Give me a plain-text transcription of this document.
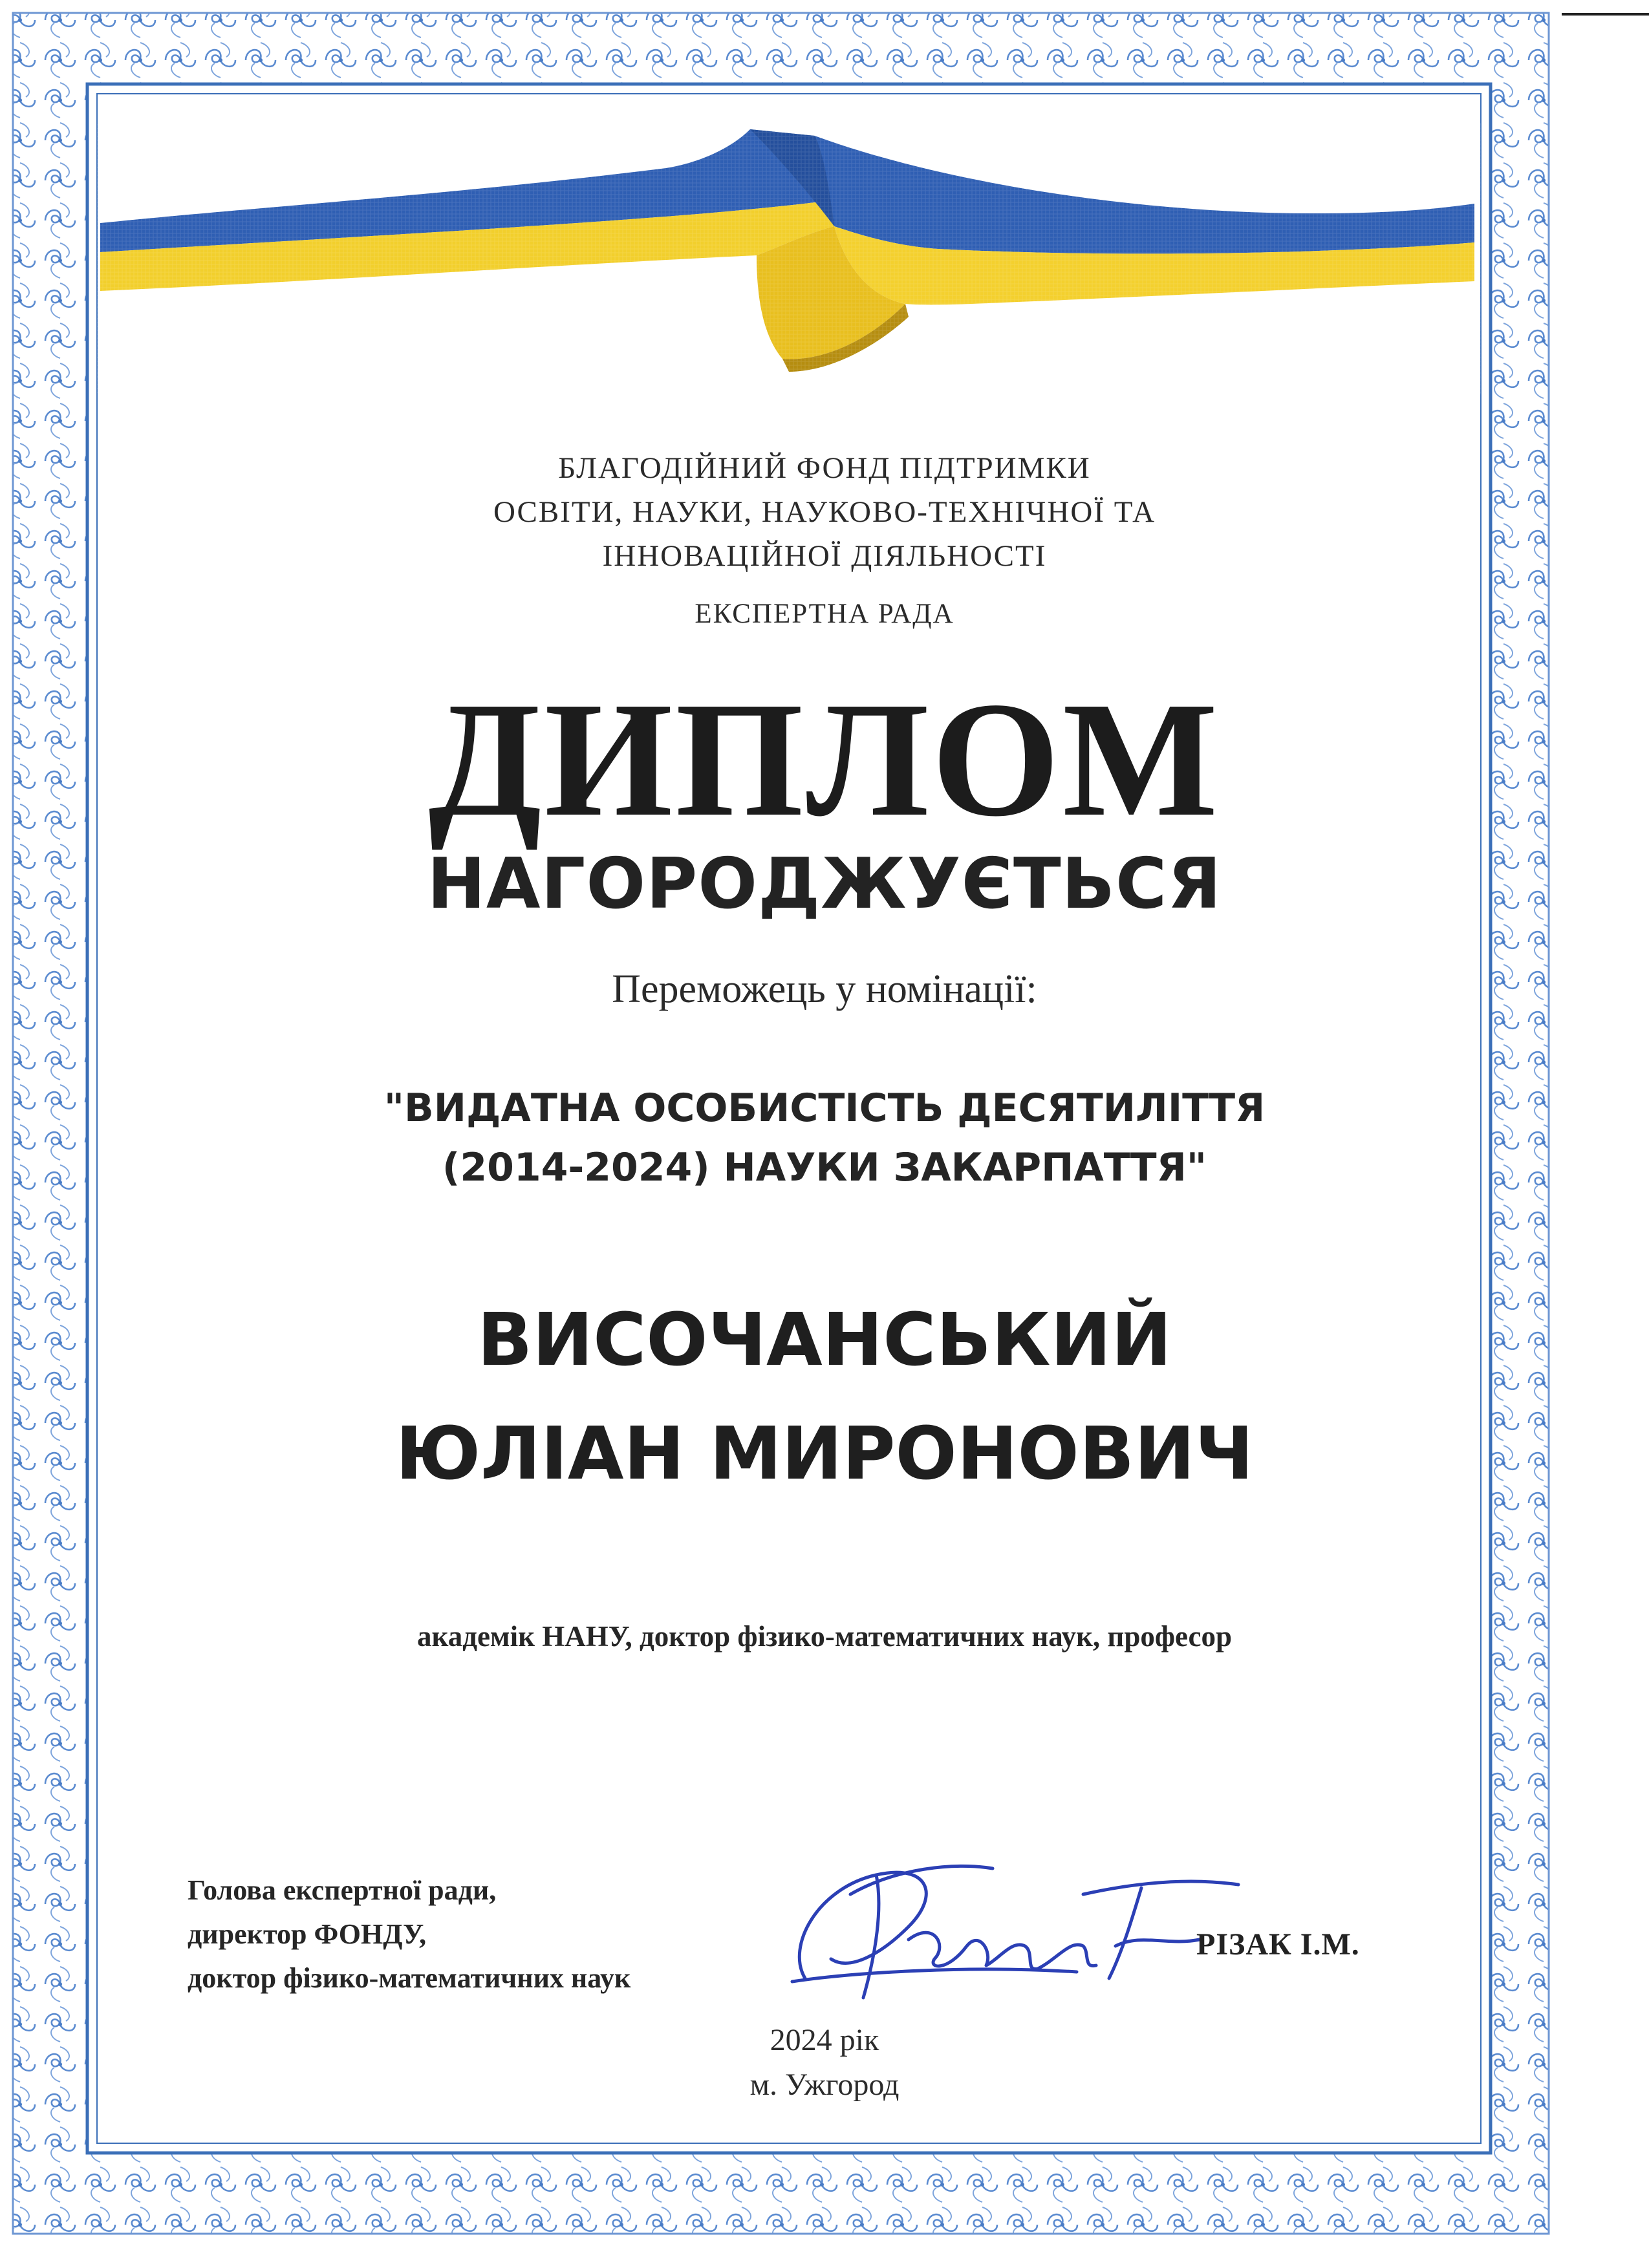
БЛАГОДІЙНИЙ ФОНД ПІДТРИМКИ
ОСВІТИ, НАУКИ, НАУКОВО-ТЕХНІЧНОЇ ТА
ІННОВАЦІЙНОЇ ДІЯЛЬНОСТІ
ЕКСПЕРТНА РАДА
ДИПЛОМ
НАГОРОДЖУЄТЬСЯ
Переможець у номінації:
"ВИДАТНА ОСОБИСТІСТЬ ДЕСЯТИЛІТТЯ
(2014-2024) НАУКИ ЗАКАРПАТТЯ"
ВИСОЧАНСЬКИЙ
ЮЛІАН МИРОНОВИЧ
академік НАНУ, доктор фізико-математичних наук, професор
Голова експертної ради,
директор ФОНДУ,
доктор фізико-математичних наук
РІЗАК І.М.
2024 рік
м. Ужгород
